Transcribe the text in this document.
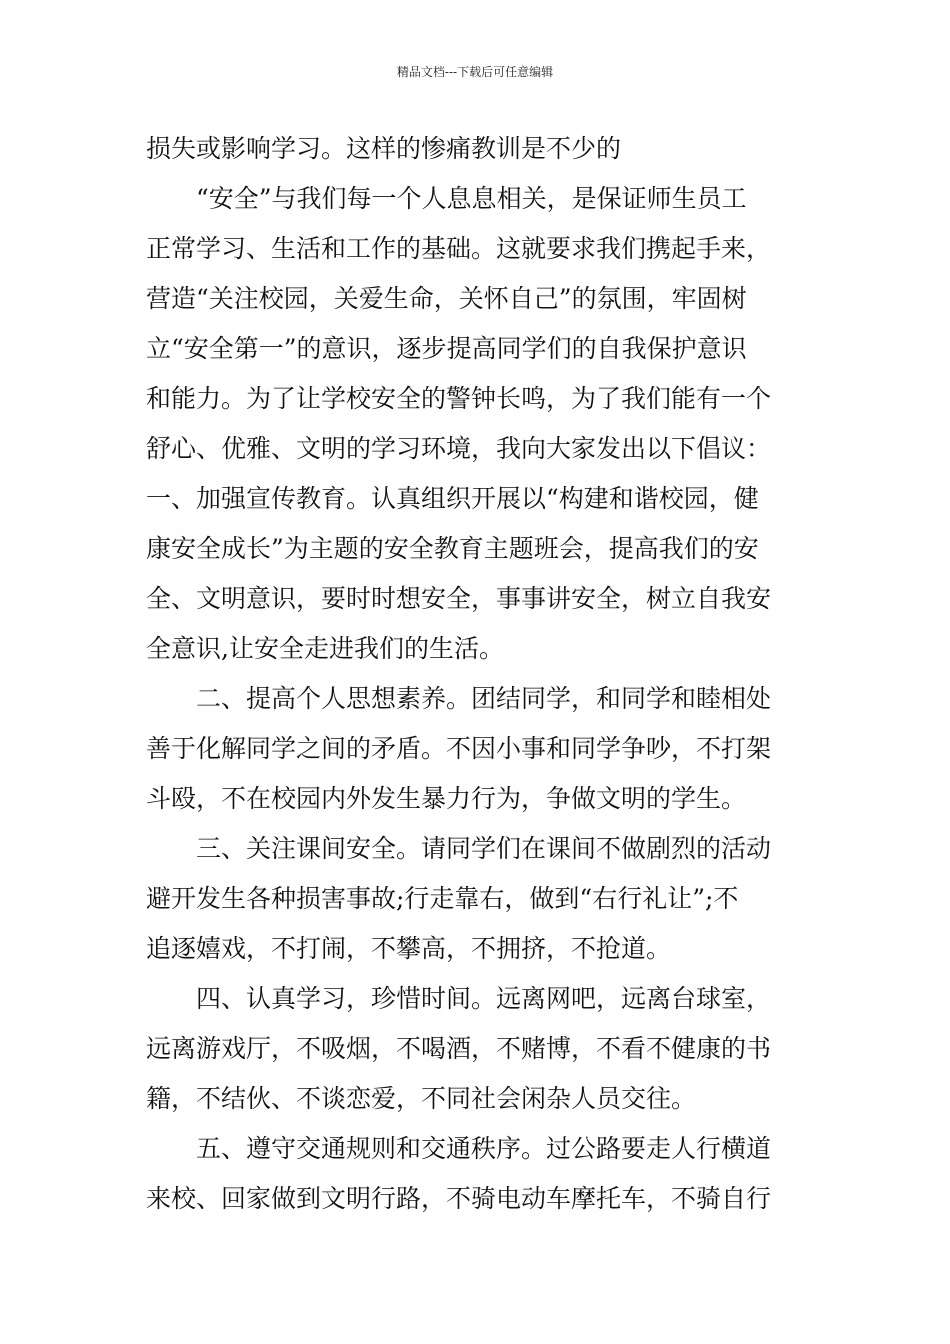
精品文档---下载后可任意编辑
损失或影响学习。这样的惨痛教训是不少的
“安全”与我们每一个人息息相关，是保证师生员工
正常学习、生活和工作的基础。这就要求我们携起手来，
营造“关注校园，关爱生命，关怀自己”的氛围，牢固树
立“安全第一”的意识，逐步提高同学们的自我保护意识
和能力。为了让学校安全的警钟长鸣，为了我们能有一个
舒心、优雅、文明的学习环境，我向大家发出以下倡议：
一、加强宣传教育。认真组织开展以“构建和谐校园，健
康安全成长”为主题的安全教育主题班会，提高我们的安
全、文明意识，要时时想安全，事事讲安全，树立自我安
全意识,让安全走进我们的生活。
二、提高个人思想素养。团结同学，和同学和睦相处
善于化解同学之间的矛盾。不因小事和同学争吵，不打架
斗殴，不在校园内外发生暴力行为，争做文明的学生。
三、关注课间安全。请同学们在课间不做剧烈的活动
避开发生各种损害事故;行走靠右，做到“右行礼让”;不
追逐嬉戏，不打闹，不攀高，不拥挤，不抢道。
四、认真学习，珍惜时间。远离网吧，远离台球室，
远离游戏厅，不吸烟，不喝酒，不赌博，不看不健康的书
籍，不结伙、不谈恋爱，不同社会闲杂人员交往。
五、遵守交通规则和交通秩序。过公路要走人行横道
来校、回家做到文明行路，不骑电动车摩托车，不骑自行
